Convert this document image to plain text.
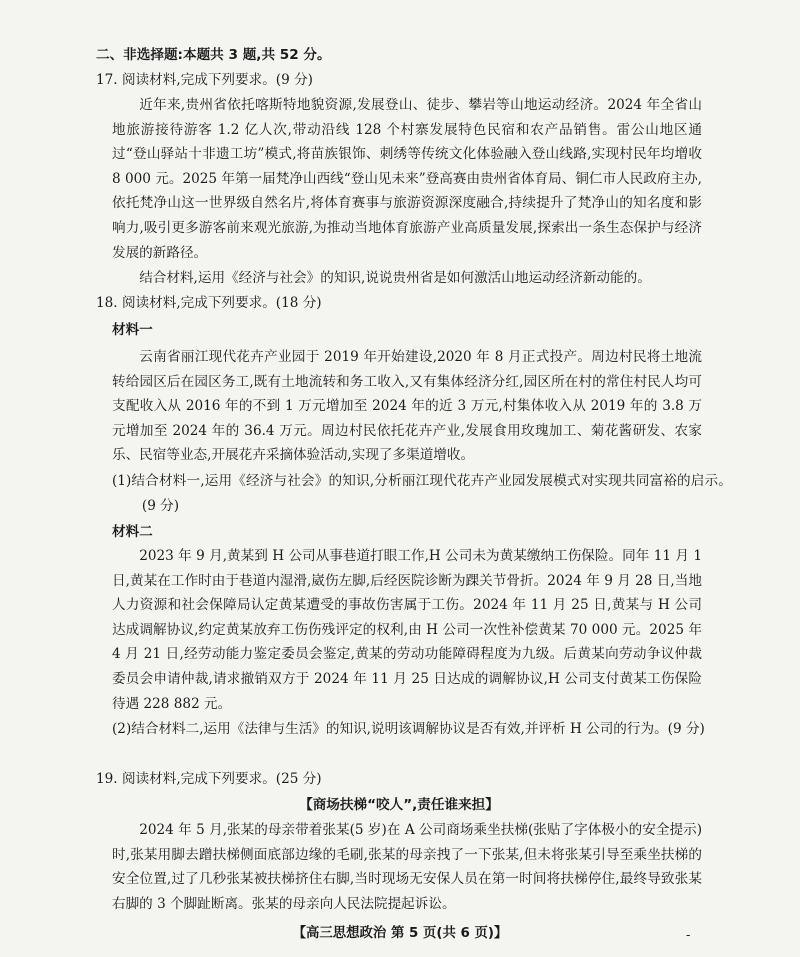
二、非选择题:本题共 3 题,共 52 分。
17. 阅读材料,完成下列要求。(9 分)
近年来,贵州省依托喀斯特地貌资源,发展登山、徒步、攀岩等山地运动经济。2024 年全省山地旅游接待游客 1.2 亿人次,带动沿线 128 个村寨发展特色民宿和农产品销售。雷公山地区通过“登山驿站十非遗工坊”模式,将苗族银饰、刺绣等传统文化体验融入登山线路,实现村民年均增收 8 000 元。2025 年第一届梵净山西线“登山见未来”登高赛由贵州省体育局、铜仁市人民政府主办,依托梵净山这一世界级自然名片,将体育赛事与旅游资源深度融合,持续提升了梵净山的知名度和影响力,吸引更多游客前来观光旅游,为推动当地体育旅游产业高质量发展,探索出一条生态保护与经济发展的新路径。
结合材料,运用《经济与社会》的知识,说说贵州省是如何激活山地运动经济新动能的。
18. 阅读材料,完成下列要求。(18 分)
材料一
云南省丽江现代花卉产业园于 2019 年开始建设,2020 年 8 月正式投产。周边村民将土地流转给园区后在园区务工,既有土地流转和务工收入,又有集体经济分红,园区所在村的常住村民人均可支配收入从 2016 年的不到 1 万元增加至 2024 年的近 3 万元,村集体收入从 2019 年的 3.8 万元增加至 2024 年的 36.4 万元。周边村民依托花卉产业,发展食用玫瑰加工、菊花酱研发、农家乐、民宿等业态,开展花卉采摘体验活动,实现了多渠道增收。
(1)结合材料一,运用《经济与社会》的知识,分析丽江现代花卉产业园发展模式对实现共同富裕的启示。(9 分)
材料二
2023 年 9 月,黄某到 H 公司从事巷道打眼工作,H 公司未为黄某缴纳工伤保险。同年 11 月 1 日,黄某在工作时由于巷道内湿滑,崴伤左脚,后经医院诊断为踝关节骨折。2024 年 9 月 28 日,当地人力资源和社会保障局认定黄某遭受的事故伤害属于工伤。2024 年 11 月 25 日,黄某与 H 公司达成调解协议,约定黄某放弃工伤伤残评定的权利,由 H 公司一次性补偿黄某 70 000 元。2025 年 4 月 21 日,经劳动能力鉴定委员会鉴定,黄某的劳动功能障碍程度为九级。后黄某向劳动争议仲裁委员会申请仲裁,请求撤销双方于 2024 年 11 月 25 日达成的调解协议,H 公司支付黄某工伤保险待遇 228 882 元。
(2)结合材料二,运用《法律与生活》的知识,说明该调解协议是否有效,并评析 H 公司的行为。(9 分)
19. 阅读材料,完成下列要求。(25 分)
【商场扶梯“咬人”,责任谁来担】
2024 年 5 月,张某的母亲带着张某(5 岁)在 A 公司商场乘坐扶梯(张贴了字体极小的安全提示)时,张某用脚去蹭扶梯侧面底部边缘的毛刷,张某的母亲拽了一下张某,但未将张某引导至乘坐扶梯的安全位置,过了几秒张某被扶梯挤住右脚,当时现场无安保人员在第一时间将扶梯停住,最终导致张某右脚的 3 个脚趾断离。张某的母亲向人民法院提起诉讼。
【高三思想政治 第 5 页(共 6 页)】	-
